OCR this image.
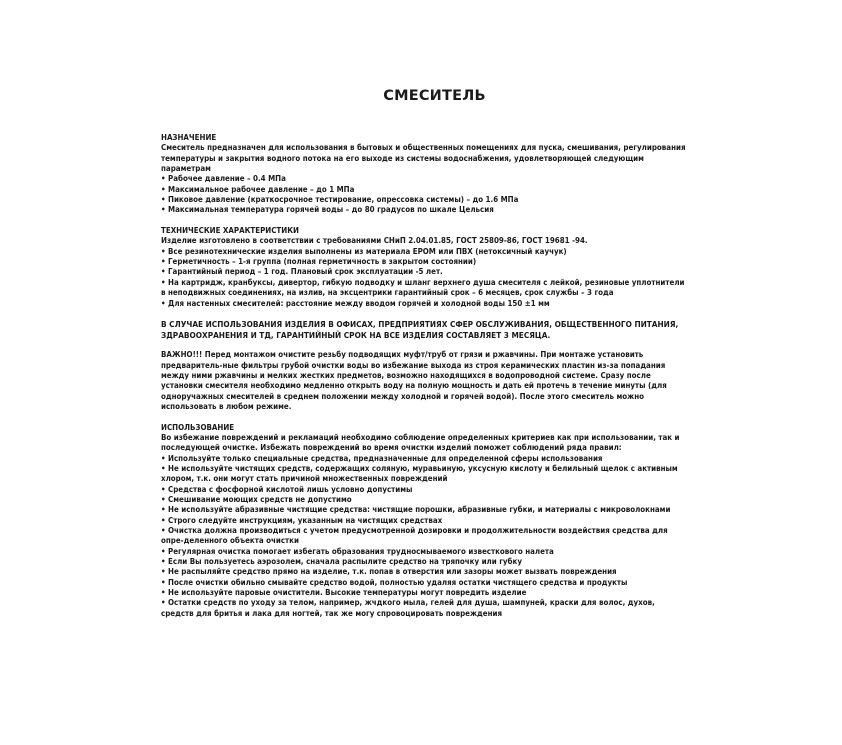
СМЕСИТЕЛЬ
НАЗНАЧЕНИЕ
Смеситель предназначен для использования в бытовых и общественных помещениях для пуска, смешивания, регулирования температуры и закрытия водного потока на его выходе из системы водоснабжения, удовлетворяющей следующим параметрам
• Рабочее давление – 0.4 МПа
• Максимальное рабочее давление – до 1 МПа
• Пиковое давление (краткосрочное тестирование, опрессовка системы) – до 1.6 МПа
• Максимальная температура горячей воды – до 80 градусов по шкале Цельсия
ТЕХНИЧЕСКИЕ ХАРАКТЕРИСТИКИ
Изделие изготовлено в соответствии с требованиями СНиП 2.04.01.85, ГОСТ 25809-86, ГОСТ 19681 -94.
• Все резинотехнические изделия выполнены из материала EPOM или ПВХ (нетоксичный каучук)
• Герметичность – 1-я группа (полная герметичность в закрытом состоянии)
• Гарантийный период – 1 год. Плановый срок эксплуатации -5 лет.
• На картридж, кранбуксы, дивертор, гибкую подводку и шланг верхнего душа смесителя с лейкой, резиновые уплотнители в неподвижных соединениях, на излив, на эксцентрики гарантийный срок – 6 месяцев, срок службы – 3 года
• Для настенных смесителей: расстояние между вводом горячей и холодной воды 150 ±1 мм
В СЛУЧАЕ ИСПОЛЬЗОВАНИЯ ИЗДЕЛИЯ В ОФИСАХ, ПРЕДПРИЯТИЯХ СФЕР ОБСЛУЖИВАНИЯ, ОБЩЕСТВЕННОГО ПИТАНИЯ, ЗДРАВООХРАНЕНИЯ И ТД, ГАРАНТИЙНЫЙ СРОК НА ВСЕ ИЗДЕЛИЯ СОСТАВЛЯЕТ 3 МЕСЯЦА.
ВАЖНО!!! Перед монтажом очистите резьбу подводящих муфт/труб от грязи и ржавчины. При монтаже установить предваритель-ные фильтры грубой очистки воды во избежание выхода из строя керамических пластин из-за попадания между ними ржавчины и мелких жестких предметов, возможно находящихся в водопроводной системе. Сразу после установки смесителя необходимо медленно открыть воду на полную мощность и дать ей протечь в течение минуты (для одноручажных смесителей в среднем положении между холодной и горячей водой). После этого смеситель можно использовать в любом режиме.
ИСПОЛЬЗОВАНИЕ
Во избежание повреждений и рекламаций необходимо соблюдение определенных критериев как при использовании, так и последующей очистке. Избежать повреждений во время очистки изделий поможет соблюдений ряда правил:
• Используйте только специальные средства, предназначенные для определенной сферы использования
• Не используйте чистящих средств, содержащих соляную, муравьиную, уксусную кислоту и белильный щелок с активным хлором, т.к. они могут стать причиной множественных повреждений
• Средства с фосфорной кислотой лишь условно допустимы
• Смешивание моющих средств не допустимо
• Не используйте абразивные чистящие средства: чистящие порошки, абразивные губки, и материалы с микроволокнами
• Строго следуйте инструкциям, указанным на чистящих средствах
• Очистка должна производиться с учетом предусмотренной дозировки и продолжительности воздействия средства для опре-деленного объекта очистки
• Регулярная очистка помогает избегать образования трудносмываемого известкового налета
• Если Вы пользуетесь аэрозолем, сначала распылите средство на тряпочку или губку
• Не распыляйте средство прямо на изделие, т.к. попав в отверстия или зазоры может вызвать повреждения
• После очистки обильно смывайте средство водой, полностью удаляя остатки чистящего средства и продукты
• Не используйте паровые очистители. Высокие температуры могут повредить изделие
• Остатки средств по уходу за телом, например, жчдкого мыла, гелей для душа, шампуней, краски для волос, духов, средств для бритья и лака для ногтей, так же могу спровоцировать повреждения
